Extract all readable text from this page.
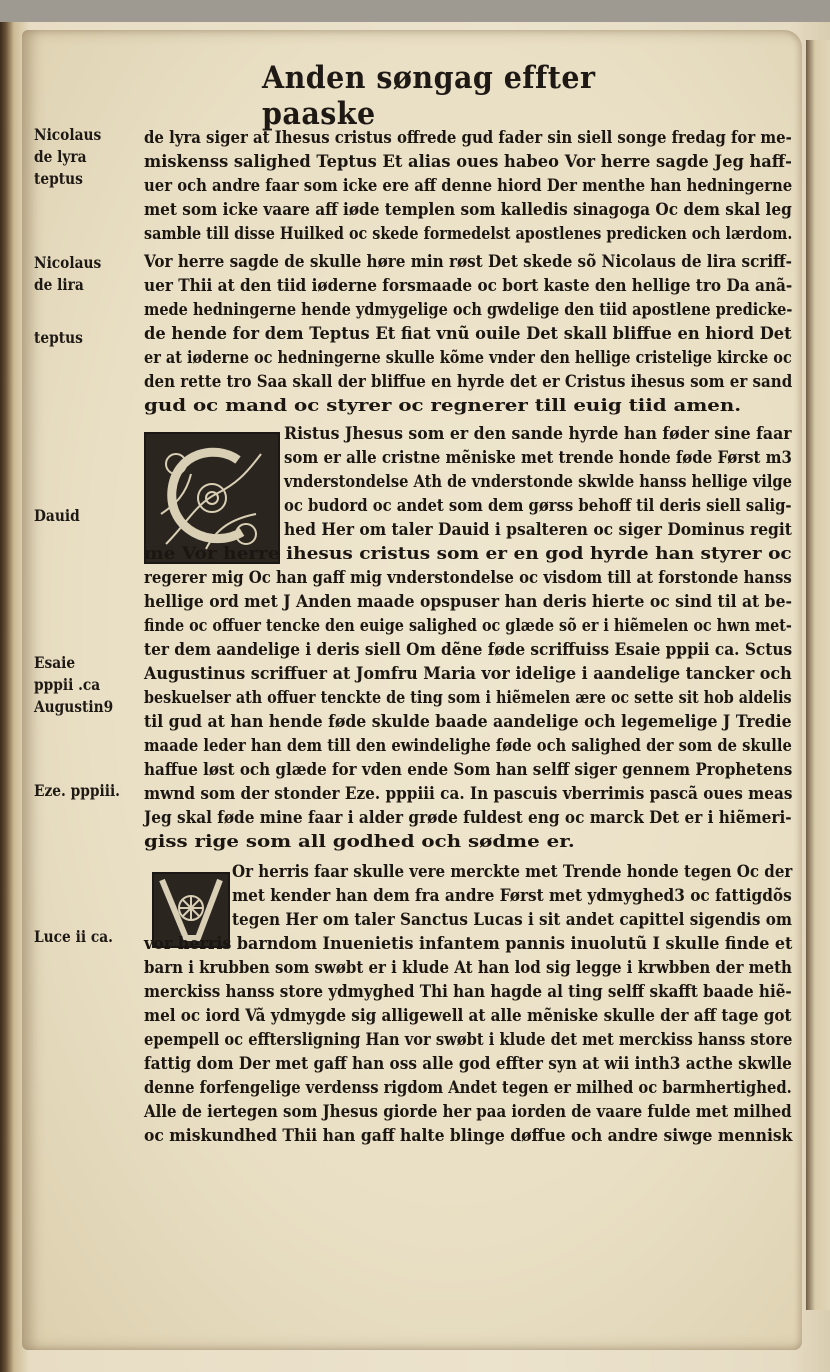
Anden søngag effter paaske
Nicolaus
de lyra
teptus
Nicolaus
de lira
teptus
Dauid
Esaie
pppii .ca
Augustin9
Eze. pppiii.
Luce ii ca.
de lyra siger at Ihesus cristus offrede gud fader sin siell songe fredag for me-
miskenss salighed Teptus Et alias oues habeo Vor herre sagde Jeg haff-
uer och andre faar som icke ere aff denne hiord Der menthe han hedningerne
met som icke vaare aff iøde templen som kalledis sinagoga Oc dem skal leg
samble till disse Huilked oc skede formedelst apostlenes predicken och lærdom.
Vor herre sagde de skulle høre min røst Det skede sõ Nicolaus de lira scriff-
uer Thii at den tiid iøderne forsmaade oc bort kaste den hellige tro Da anã-
mede hedningerne hende ydmygelige och gwdelige den tiid apostlene predicke-
de hende for dem Teptus Et fiat vnũ ouile Det skall bliffue en hiord Det
er at iøderne oc hedningerne skulle kõme vnder den hellige cristelige kircke oc
den rette tro Saa skall der bliffue en hyrde det er Cristus ihesus som er sand
gud oc mand oc styrer oc regnerer till euig tiid amen.
Ristus Jhesus som er den sande hyrde han føder sine faar
som er alle cristne mẽniske met trende honde føde Først m3
vnderstondelse Ath de vnderstonde skwlde hanss hellige vilge
oc budord oc andet som dem gørss behoff til deris siell salig-
hed Her om taler Dauid i psalteren oc siger Dominus regit
me Vor herre ihesus cristus som er en god hyrde han styrer oc
regerer mig Oc han gaff mig vnderstondelse oc visdom till at forstonde hanss
hellige ord met J Anden maade opspuser han deris hierte oc sind til at be-
finde oc offuer tencke den euige salighed oc glæde sõ er i hiẽmelen oc hwn met-
ter dem aandelige i deris siell Om dẽne føde scriffuiss Esaie pppii ca. Sctus
Augustinus scriffuer at Jomfru Maria vor idelige i aandelige tancker och
beskuelser ath offuer tenckte de ting som i hiẽmelen ære oc sette sit hob aldelis
til gud at han hende føde skulde baade aandelige och legemelige J Tredie
maade leder han dem till den ewindelighe føde och salighed der som de skulle
haffue løst och glæde for vden ende Som han selff siger gennem Prophetens
mwnd som der stonder Eze. pppiii ca. In pascuis vberrimis pascã oues meas
Jeg skal føde mine faar i alder grøde fuldest eng oc marck Det er i hiẽmeri-
giss rige som all godhed och sødme er.
Or herris faar skulle vere merckte met Trende honde tegen Oc der
met kender han dem fra andre Først met ydmyghed3 oc fattigdõs
tegen Her om taler Sanctus Lucas i sit andet capittel sigendis om
vor herris barndom Inuenietis infantem pannis inuolutũ I skulle finde et
barn i krubben som swøbt er i klude At han lod sig legge i krwbben der meth
merckiss hanss store ydmyghed Thi han hagde al ting selff skafft baade hiẽ-
mel oc iord Vã ydmygde sig alligewell at alle mẽniske skulle der aff tage got
epempell oc efftersligning Han vor swøbt i klude det met merckiss hanss store
fattig dom Der met gaff han oss alle god effter syn at wii inth3 acthe skwlle
denne forfengelige verdenss rigdom Andet tegen er milhed oc barmhertighed.
Alle de iertegen som Jhesus giorde her paa iorden de vaare fulde met milhed
oc miskundhed Thii han gaff halte blinge døffue och andre siwge mennisk
